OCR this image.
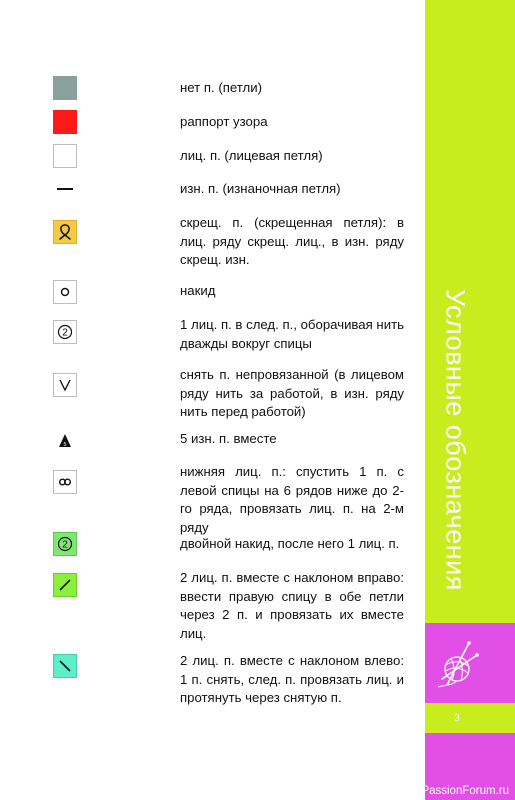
нет п. (петли)
раппорт узора
лиц. п. (лицевая петля)
изн. п. (изнаночная петля)
скрещ. п. (скрещенная петля): в лиц. ряду скрещ. лиц., в изн. ряду скрещ. изн.
накид
2
1 лиц. п. в след. п., оборачивая нить дважды вокруг спицы
снять п. непровязанной (в лицевом ряду нить за работой, в изн. ряду нить перед работой)
5	5 изн. п. вместе
нижняя лиц. п.: спустить 1 п. с левой спицы на 6 рядов ниже до 2-го ряда, провязать лиц. п. на 2-м ряду
2	двойной накид, после него 1 лиц. п.
2 лиц. п. вместе с наклоном вправо: ввести правую спицу в обе петли через 2 п. и провязать их вместе лиц.
2 лиц. п. вместе с наклоном влево: 1 п. снять, след. п. провязать лиц. и протянуть через снятую п.
Условные обозначения
3
PassionForum.ru
